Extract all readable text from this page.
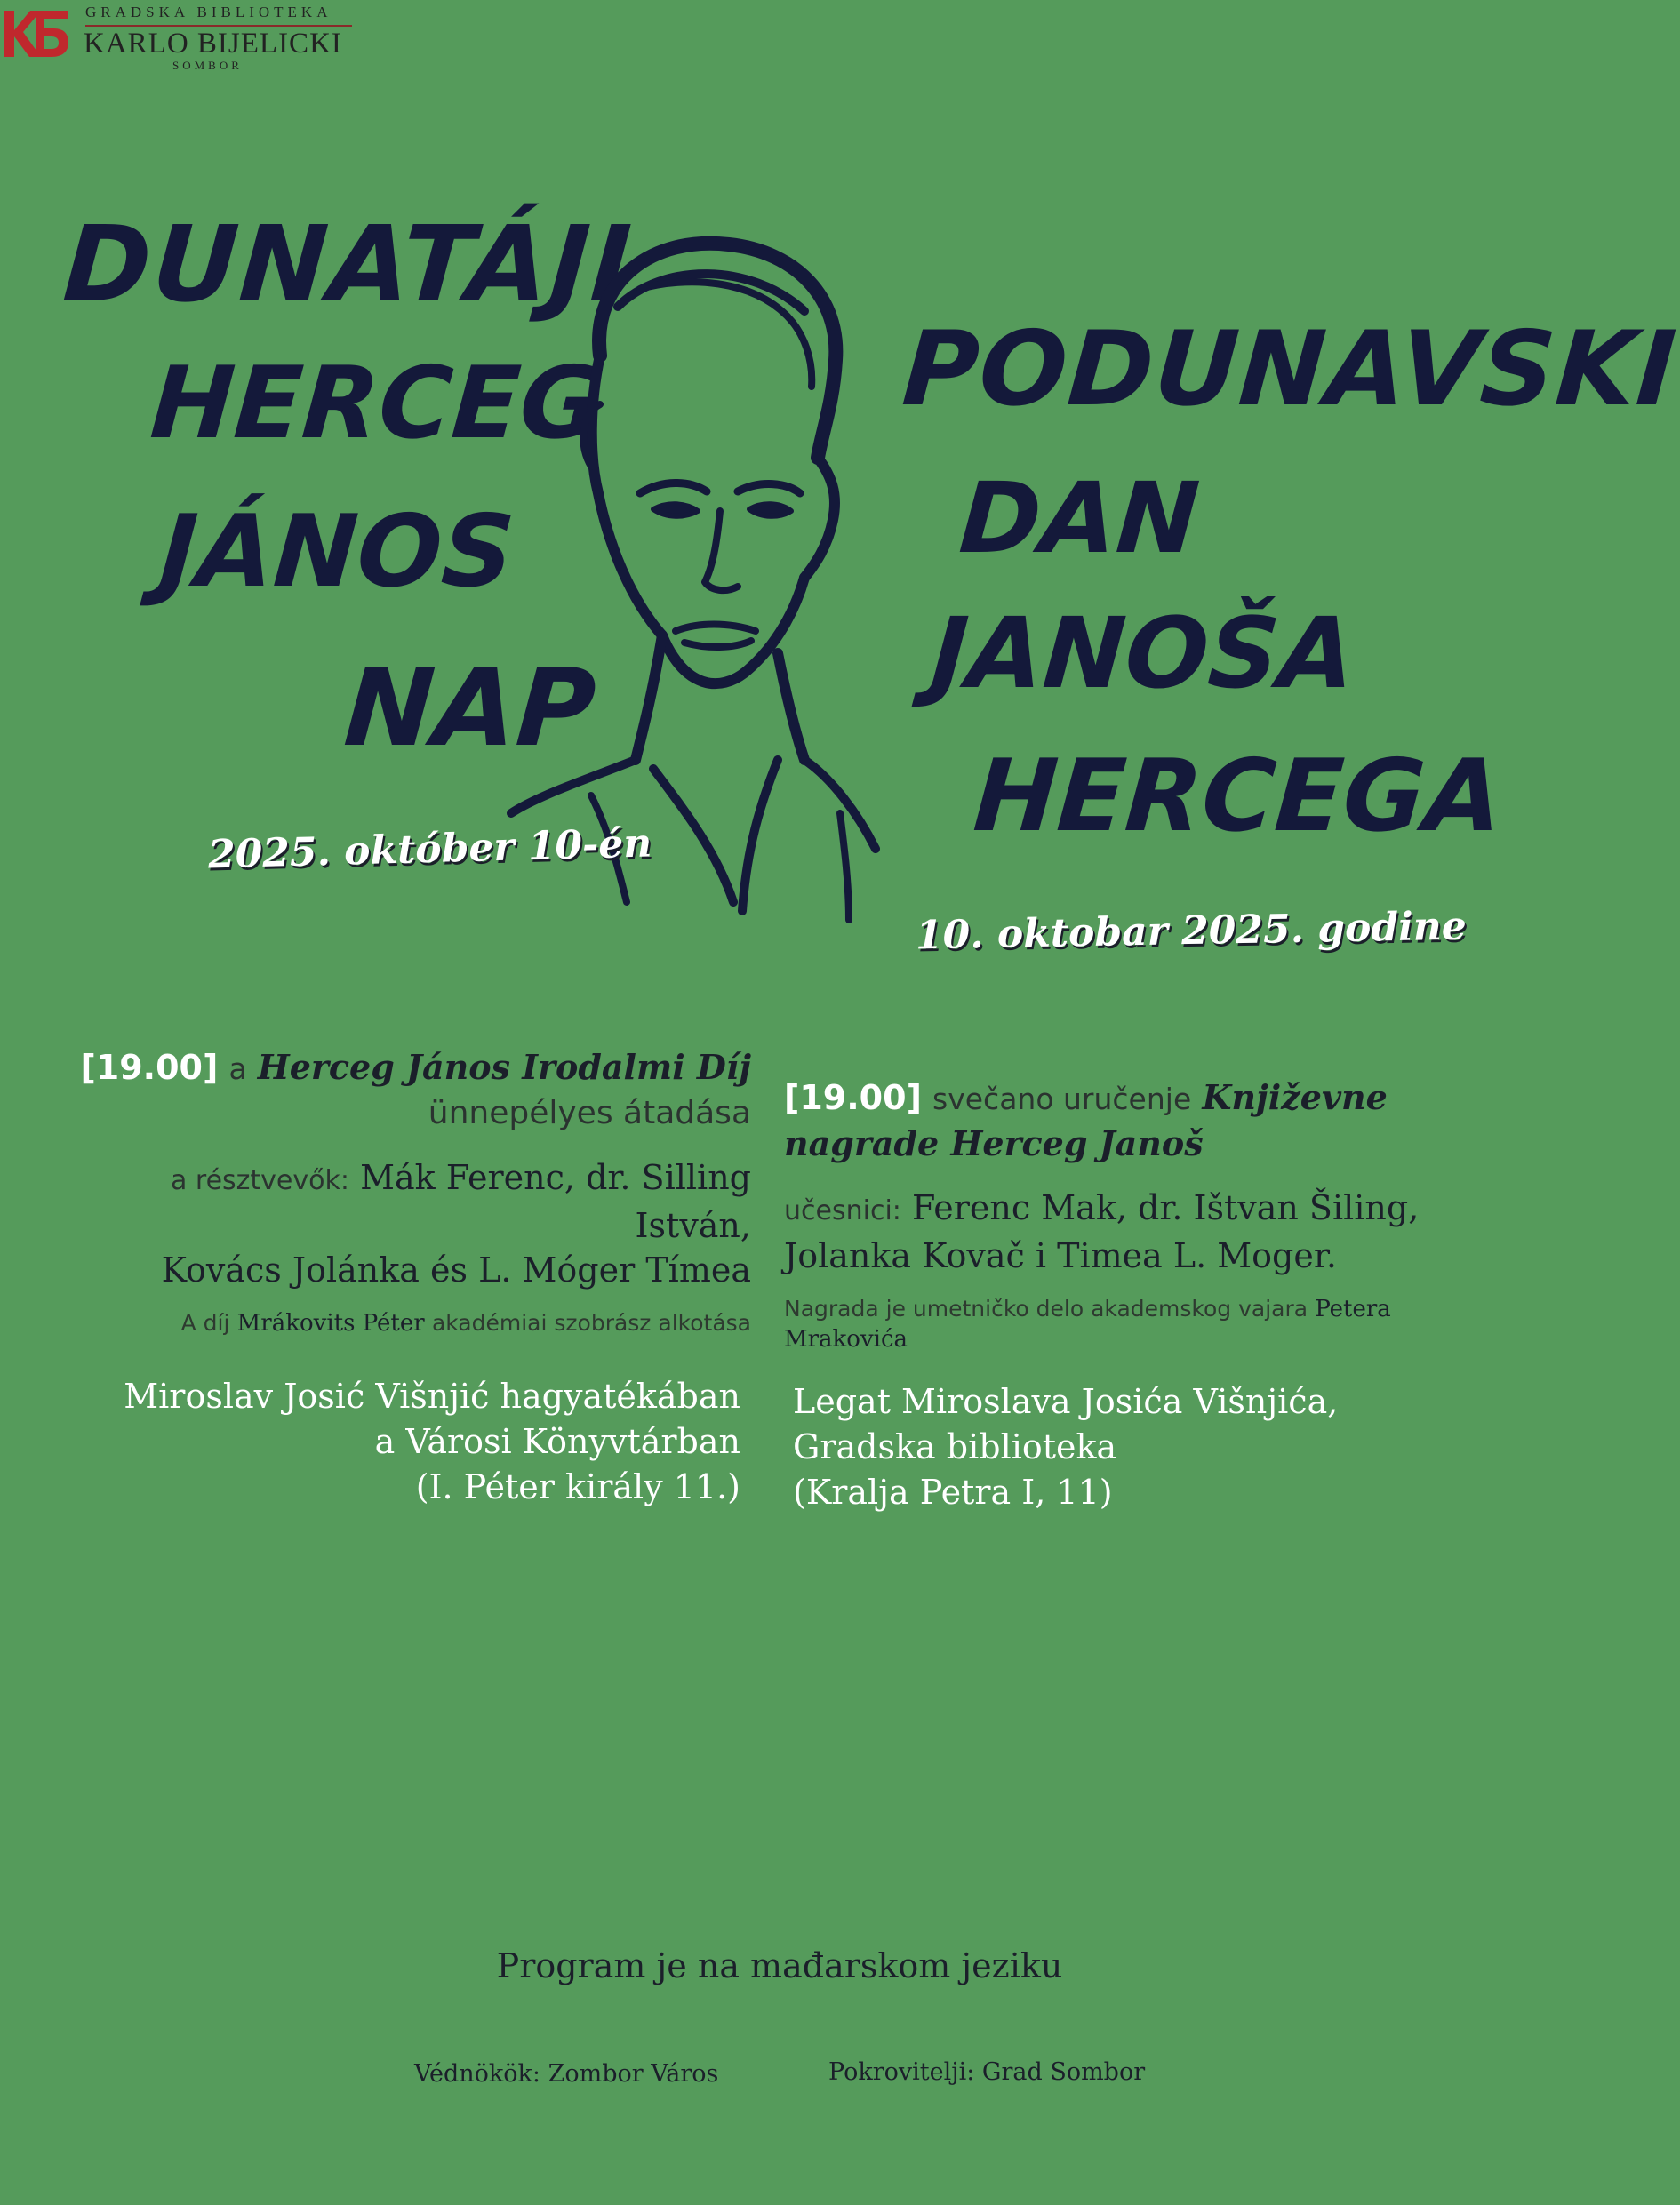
GRADSKA BIBLIOTEKA
KARLO BIJELICKI
SOMBOR
DUNATÁJI
HERCEG
JÁNOS
NAP
PODUNAVSKI
DAN
JANOŠA
HERCEGA
2025. október 10-én
10. oktobar 2025. godine
[19.00] a Herceg János Irodalmi Díj
ünnepélyes átadása
a résztvevők: Mák Ferenc, dr. Silling István,
Kovács Jolánka és L. Móger Tímea
A díj Mrákovits Péter akadémiai szobrász alkotása
Miroslav Josić Višnjić hagyatékában
a Városi Könyvtárban
(I. Péter király 11.)
[19.00] svečano uručenje Književne
nagrade Herceg Janoš
učesnici: Ferenc Mak, dr. Ištvan Šiling,
Jolanka Kovač i Timea L. Moger.
Nagrada je umetničko delo akademskog vajara Petera
Mrakovića
Legat Miroslava Josića Višnjića,
Gradska biblioteka
(Kralja Petra I, 11)
Program je na mađarskom jeziku
Védnökök: Zombor Város	Pokrovitelji: Grad Sombor
